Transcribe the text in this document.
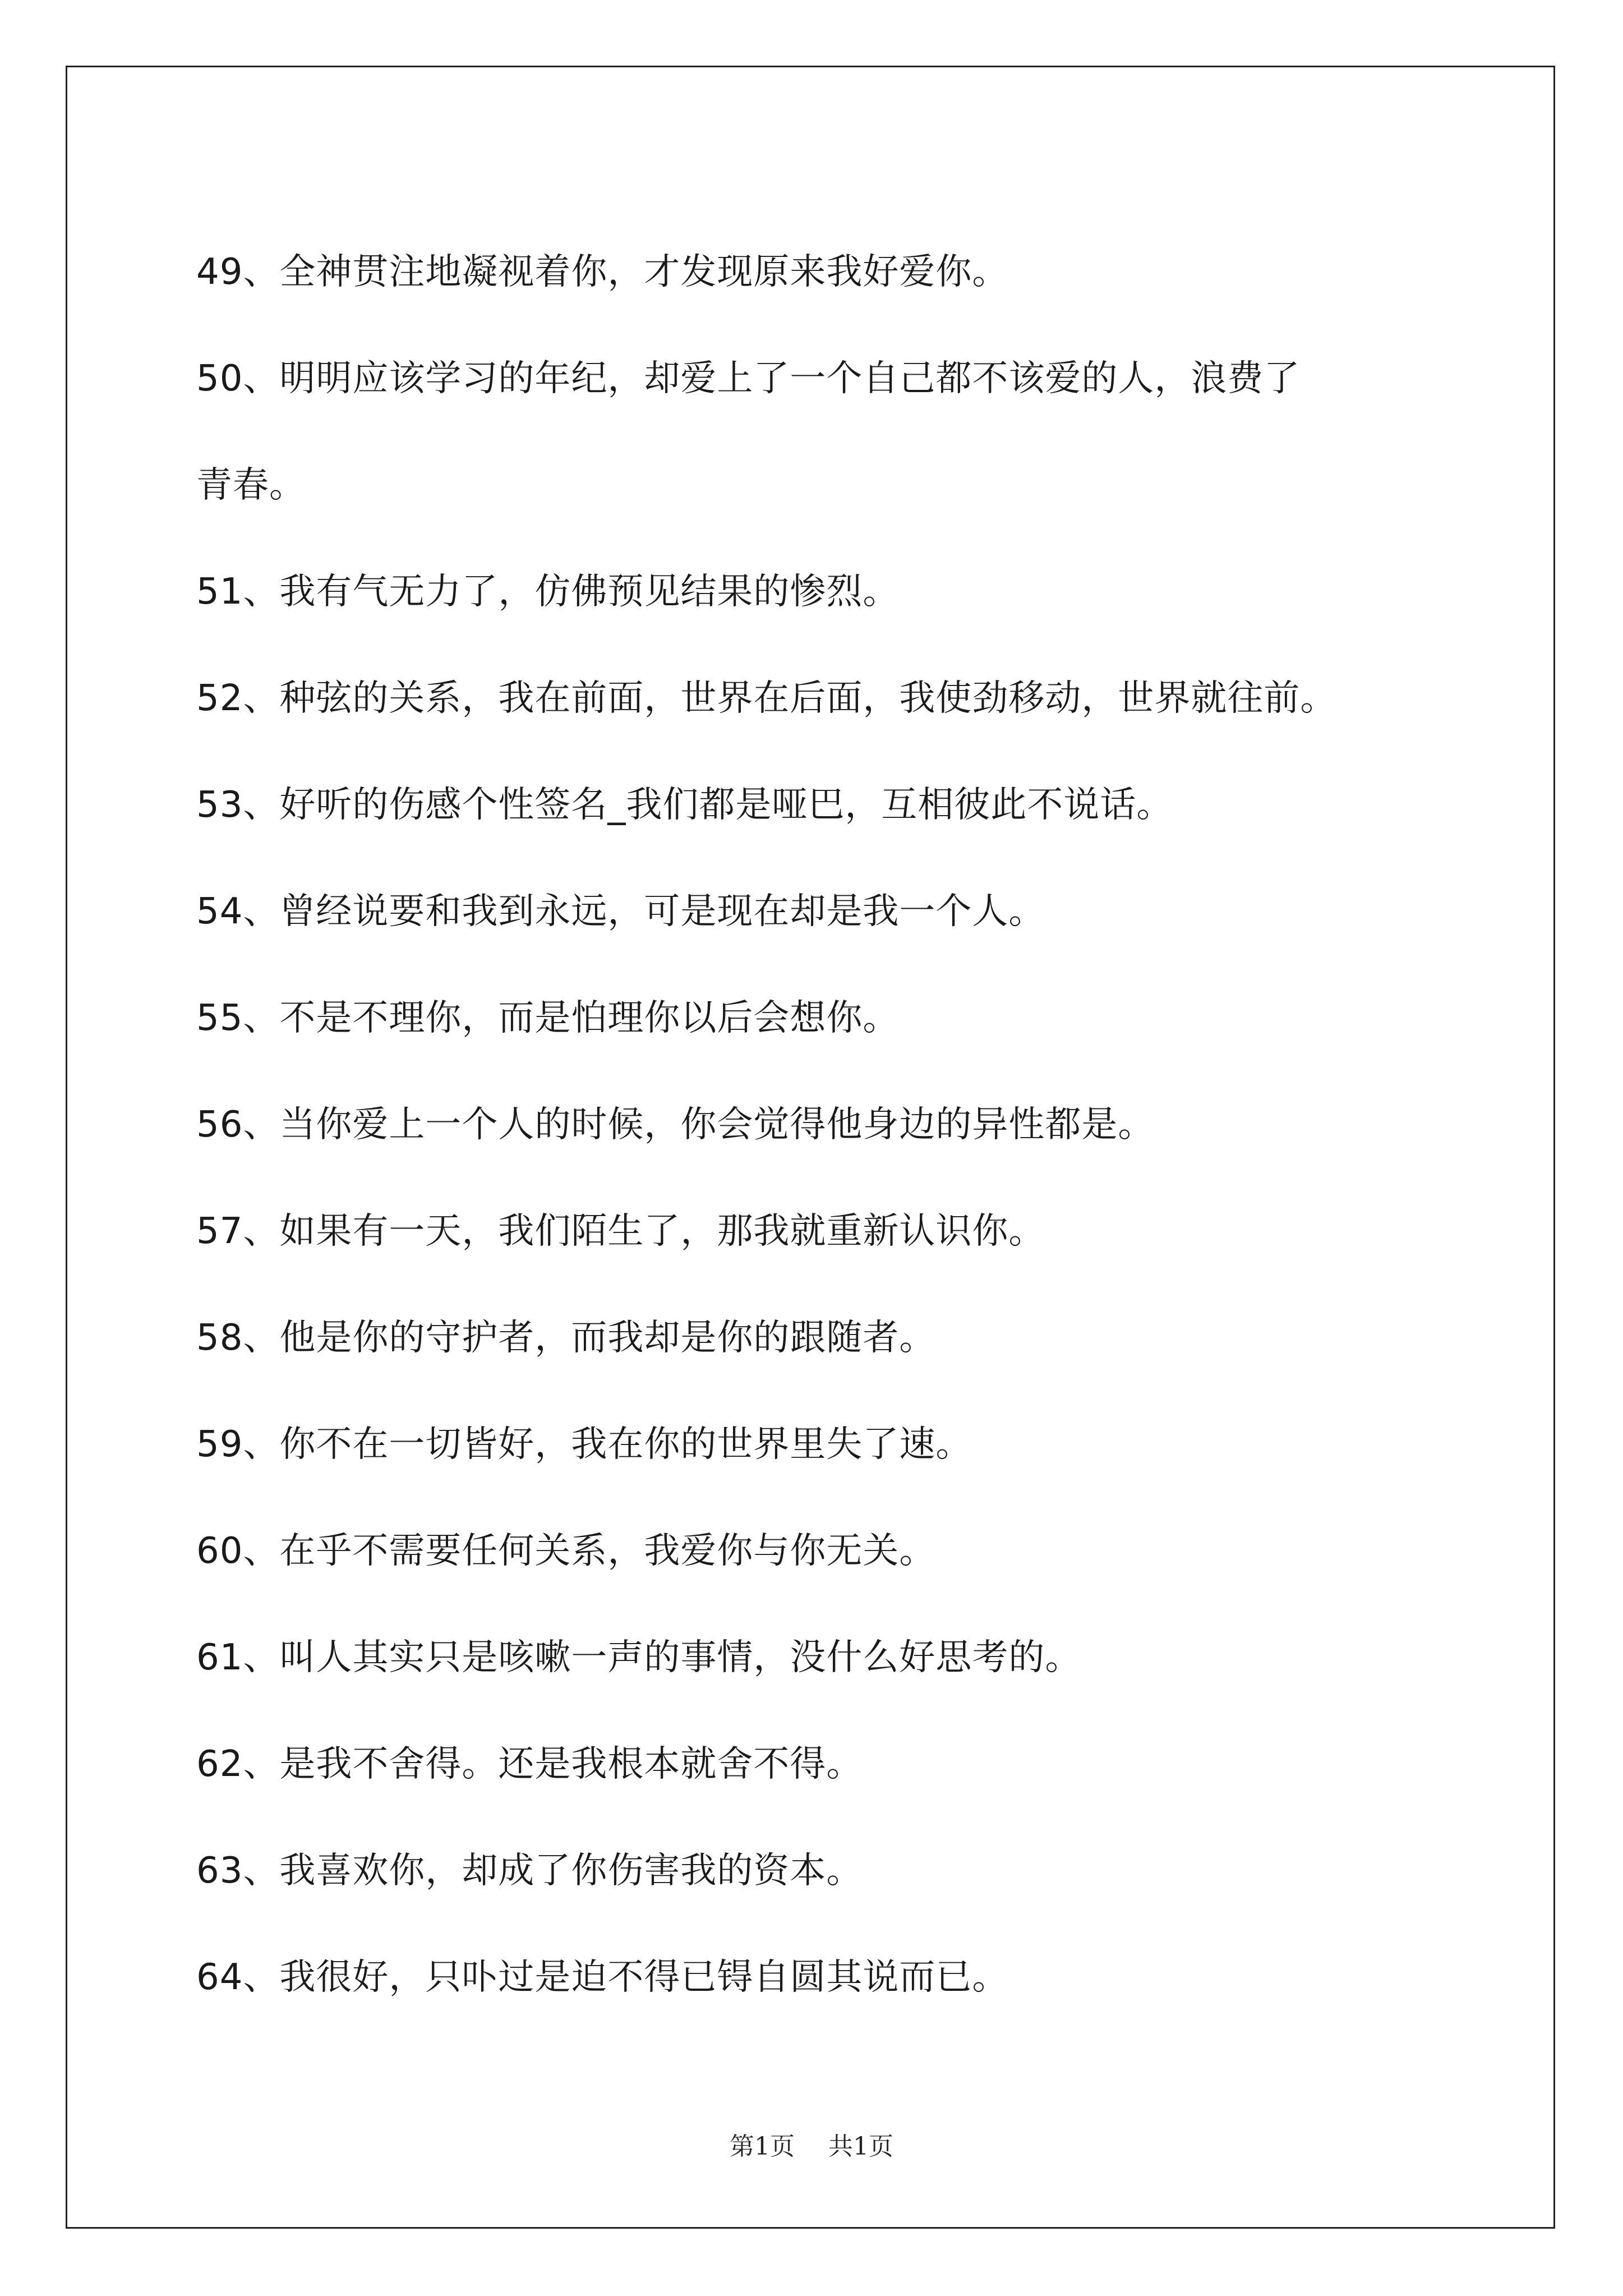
49、全神贯注地凝视着你，才发现原来我好爱你。
50、明明应该学习的年纪，却爱上了一个自己都不该爱的人，浪费了
青春。
51、我有气无力了，仿佛预见结果的惨烈。
52、种弦的关系，我在前面，世界在后面，我使劲移动，世界就往前。
53、好听的伤感个性签名_我们都是哑巴，互相彼此不说话。
54、曾经说要和我到永远，可是现在却是我一个人。
55、不是不理你，而是怕理你以后会想你。
56、当你爱上一个人的时候，你会觉得他身边的异性都是。
57、如果有一天，我们陌生了，那我就重新认识你。
58、他是你的守护者，而我却是你的跟随者。
59、你不在一切皆好，我在你的世界里失了速。
60、在乎不需要任何关系，我爱你与你无关。
61、叫人其实只是咳嗽一声的事情，没什么好思考的。
62、是我不舍得。还是我根本就舍不得。
63、我喜欢你，却成了你伤害我的资本。
64、我很好，只卟过是迫不得已锝自圆其说而已。
第1页 共1页
